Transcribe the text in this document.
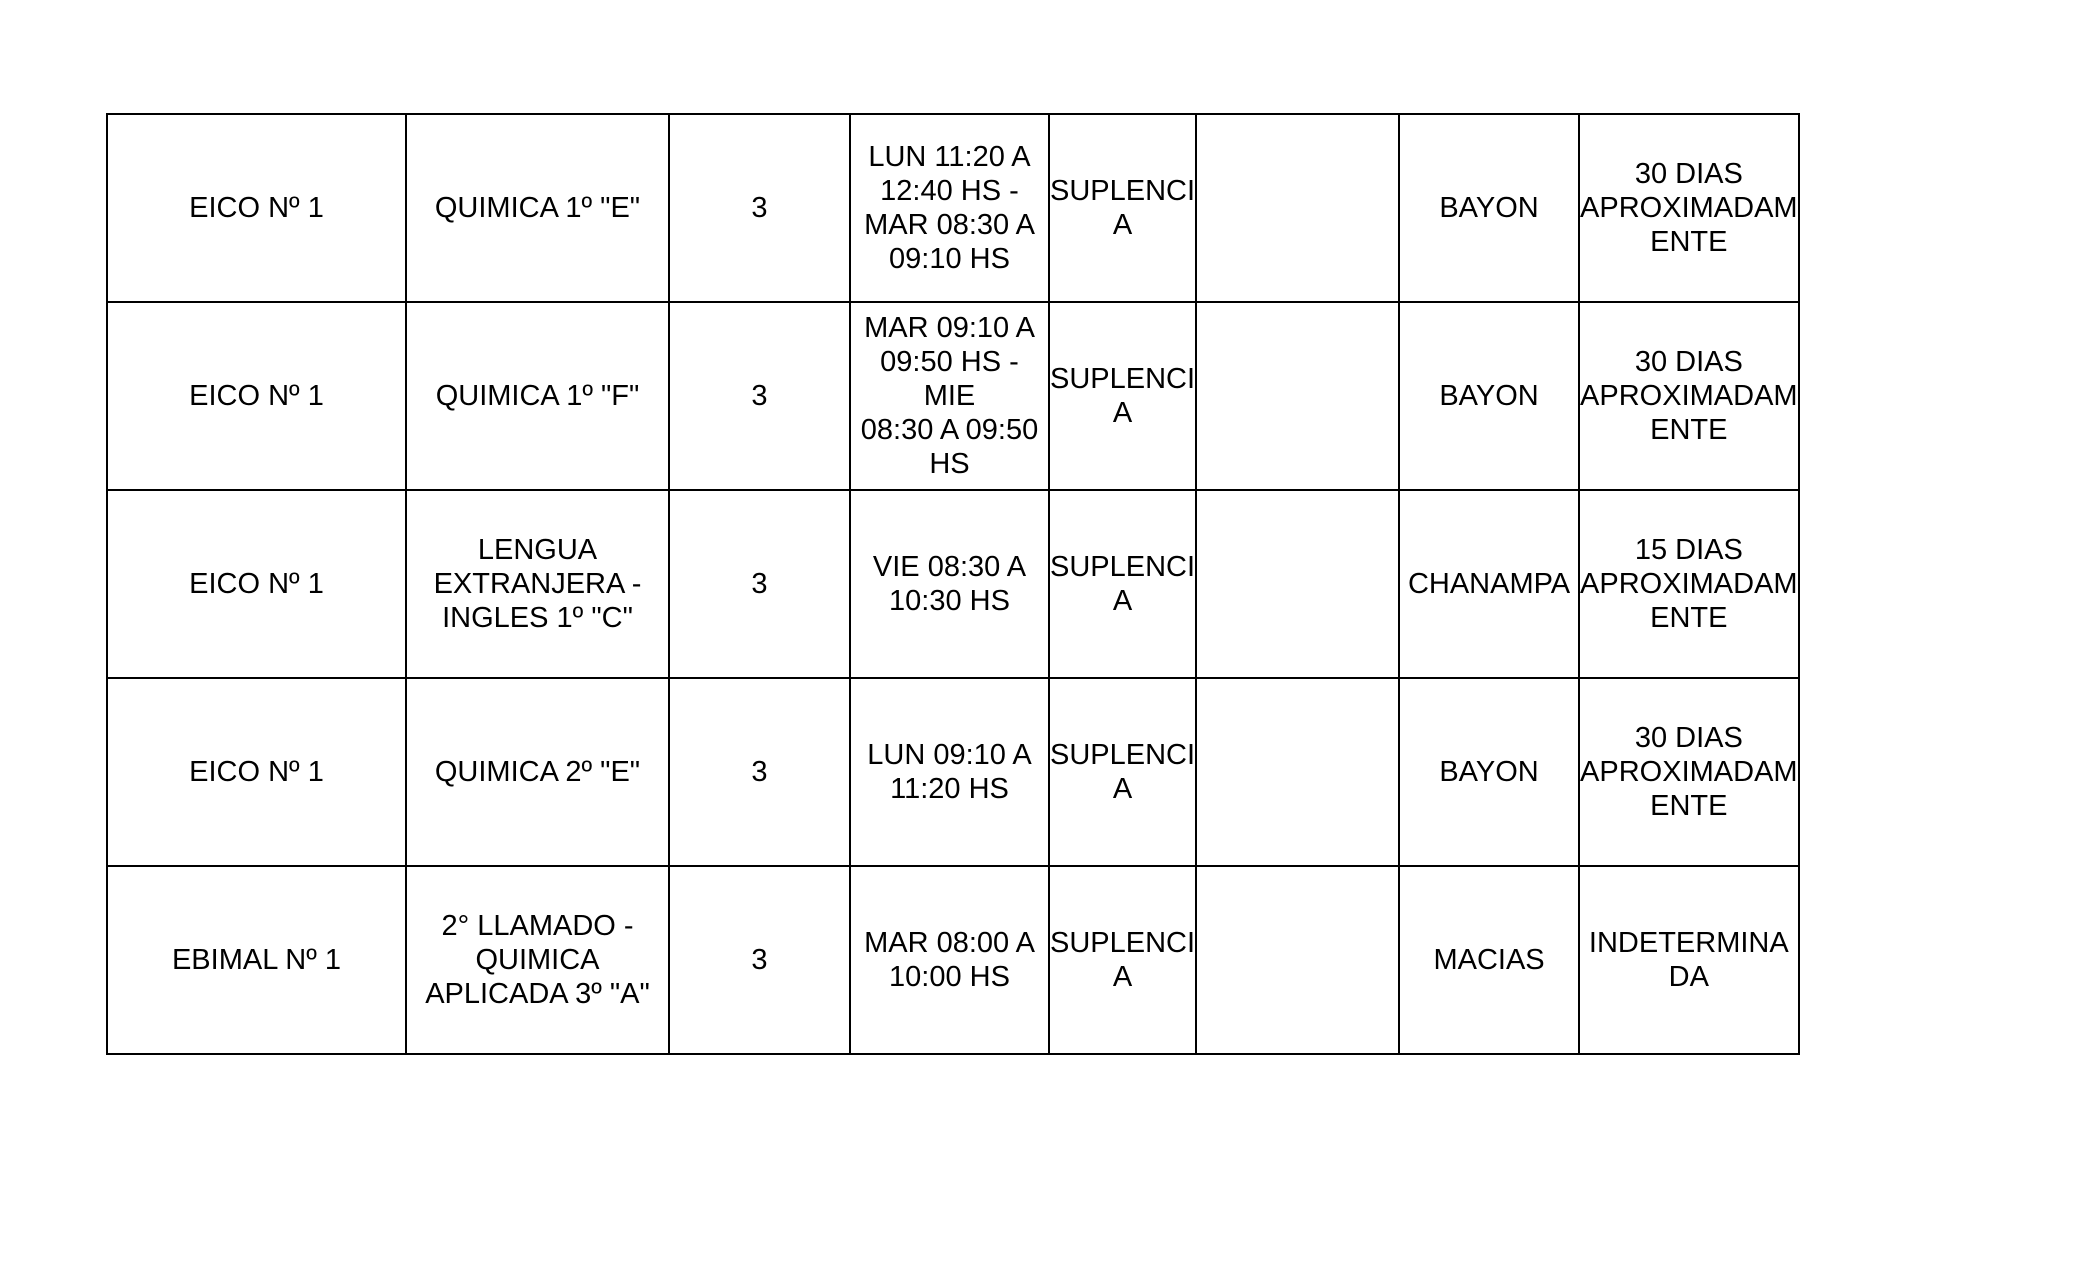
EICO Nº 1	QUIMICA 1º "E"	3	LUN 11:20 A
12:40 HS -
MAR 08:30 A
09:10 HS	SUPLENCI
A		BAYON	30 DIAS
APROXIMADAM
ENTE

EICO Nº 1	QUIMICA 1º "F"	3	MAR 09:10 A
09:50 HS - MIE
08:30 A 09:50
HS	SUPLENCI
A		BAYON	30 DIAS
APROXIMADAM
ENTE

EICO Nº 1	LENGUA
EXTRANJERA -
INGLES 1º "C"	3	VIE 08:30 A
10:30 HS	SUPLENCI
A		CHANAMPA	15 DIAS
APROXIMADAM
ENTE

EICO Nº 1	QUIMICA 2º "E"	3	LUN 09:10 A
11:20 HS	SUPLENCI
A		BAYON	30 DIAS
APROXIMADAM
ENTE

EBIMAL Nº 1	2° LLAMADO -
QUIMICA
APLICADA 3º "A"	3	MAR 08:00 A
10:00 HS	SUPLENCI
A		MACIAS	INDETERMINA
DA
